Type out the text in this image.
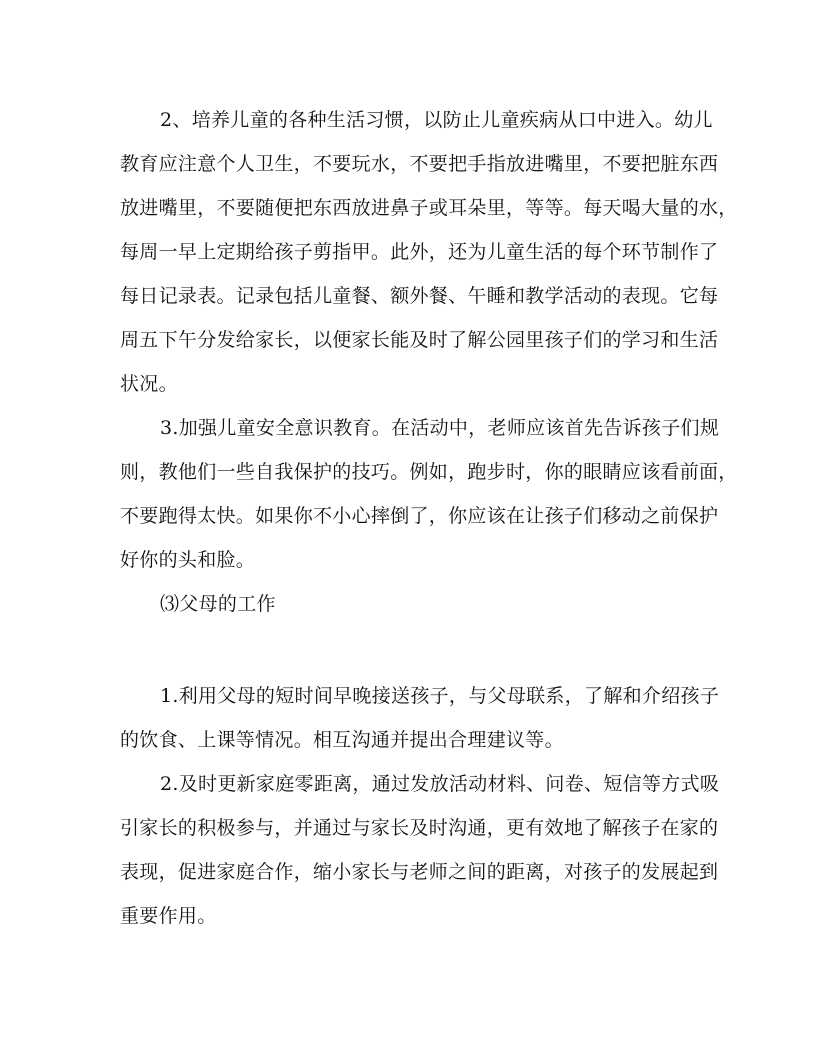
2、培养儿童的各种生活习惯，以防止儿童疾病从口中进入。幼儿
教育应注意个人卫生，不要玩水，不要把手指放进嘴里，不要把脏东西
放进嘴里，不要随便把东西放进鼻子或耳朵里，等等。每天喝大量的水，
每周一早上定期给孩子剪指甲。此外，还为儿童生活的每个环节制作了
每日记录表。记录包括儿童餐、额外餐、午睡和教学活动的表现。它每
周五下午分发给家长，以便家长能及时了解公园里孩子们的学习和生活
状况。
3.加强儿童安全意识教育。在活动中，老师应该首先告诉孩子们规
则，教他们一些自我保护的技巧。例如，跑步时，你的眼睛应该看前面，
不要跑得太快。如果你不小心摔倒了，你应该在让孩子们移动之前保护
好你的头和脸。
⑶父母的工作
1.利用父母的短时间早晚接送孩子，与父母联系，了解和介绍孩子
的饮食、上课等情况。相互沟通并提出合理建议等。
2.及时更新家庭零距离，通过发放活动材料、问卷、短信等方式吸
引家长的积极参与，并通过与家长及时沟通，更有效地了解孩子在家的
表现，促进家庭合作，缩小家长与老师之间的距离，对孩子的发展起到
重要作用。
